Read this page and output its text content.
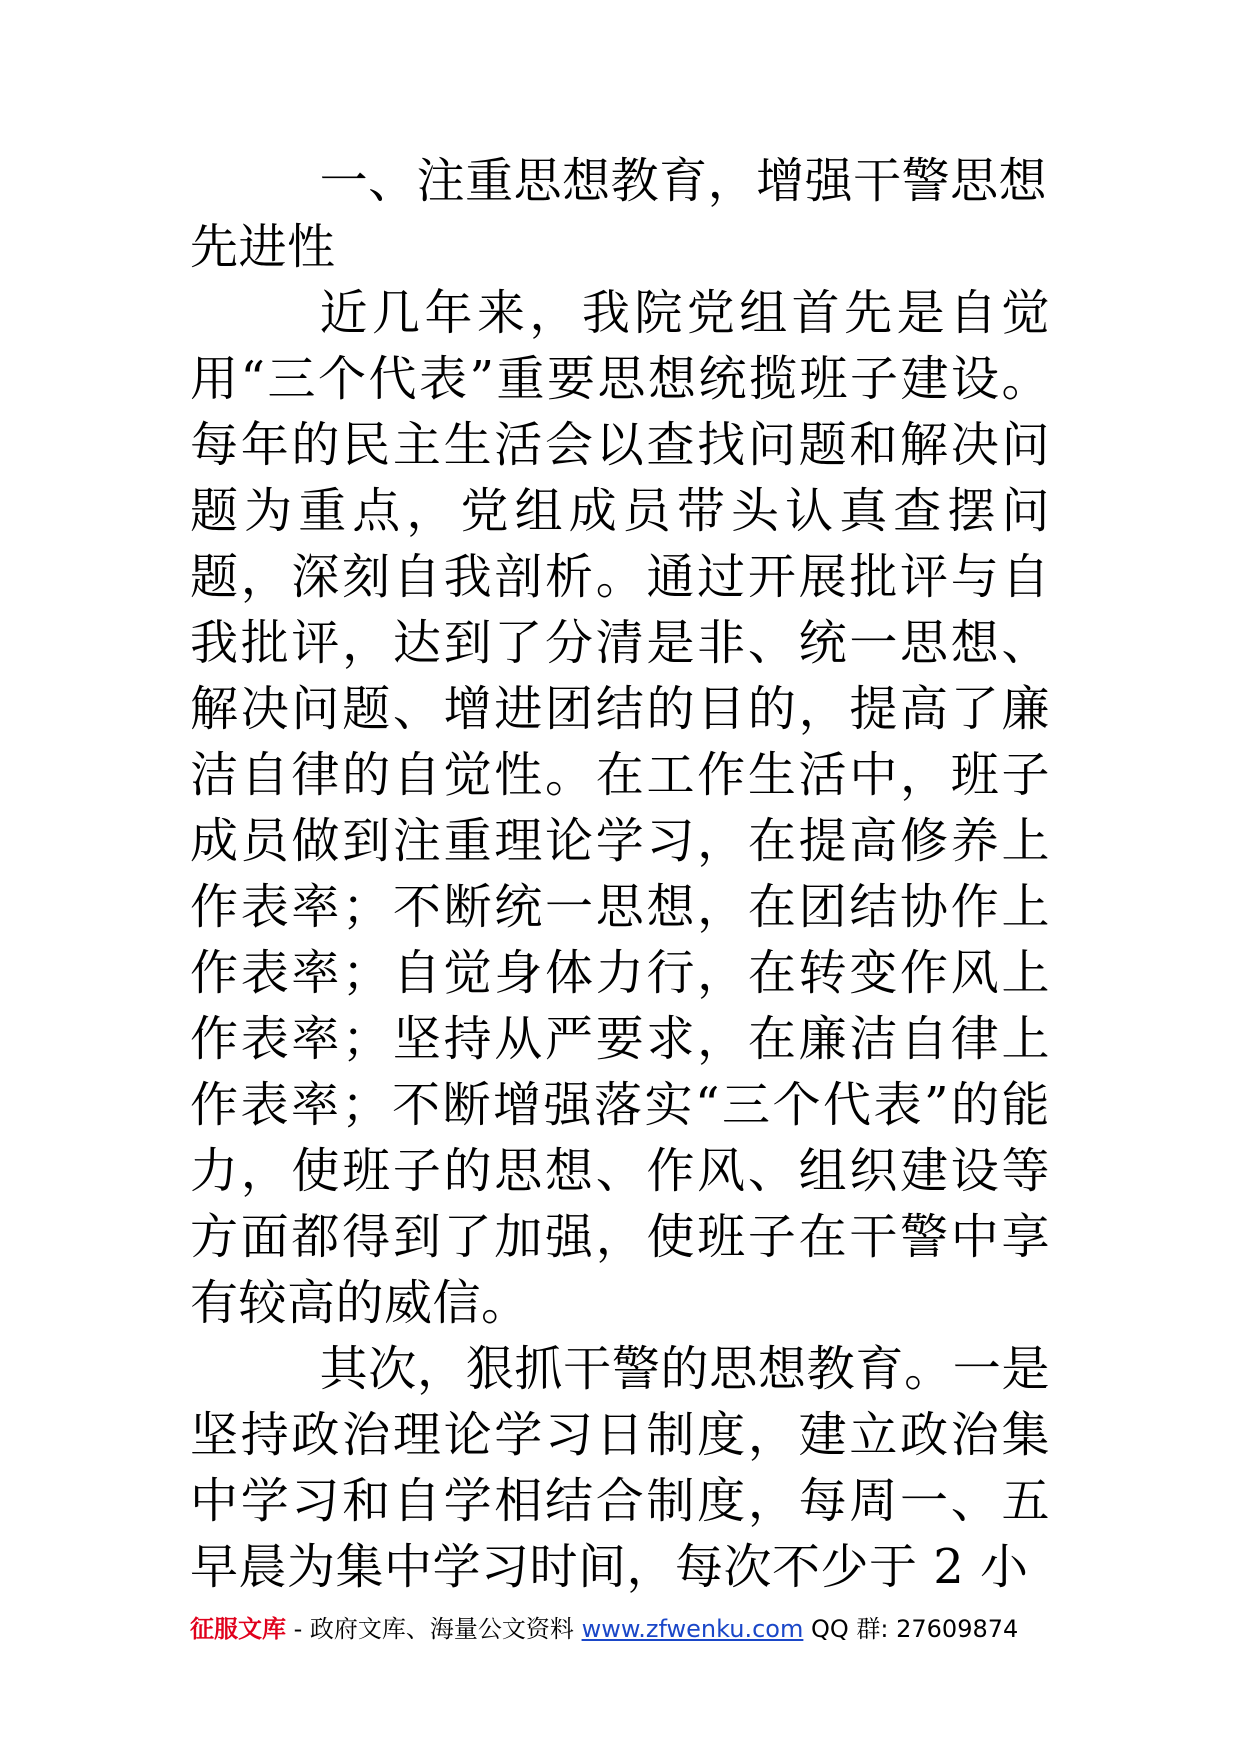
一、注重思想教育，增强干警思想先进性

近几年来，我院党组首先是自觉用“三个代表”重要思想统揽班子建设。每年的民主生活会以查找问题和解决问题为重点，党组成员带头认真查摆问题，深刻自我剖析。通过开展批评与自我批评，达到了分清是非、统一思想、解决问题、增进团结的目的，提高了廉洁自律的自觉性。在工作生活中，班子成员做到注重理论学习，在提高修养上作表率；不断统一思想，在团结协作上作表率；自觉身体力行，在转变作风上作表率；坚持从严要求，在廉洁自律上作表率；不断增强落实“三个代表”的能力，使班子的思想、作风、组织建设等方面都得到了加强，使班子在干警中享有较高的威信。

其次，狠抓干警的思想教育。一是坚持政治理论学习日制度，建立政治集中学习和自学相结合制度，每周一、五早晨为集中学习时间，每次不少于 2 小

征服文库 - 政府文库、海量公文资料 www.zfwenku.com QQ 群: 27609874
